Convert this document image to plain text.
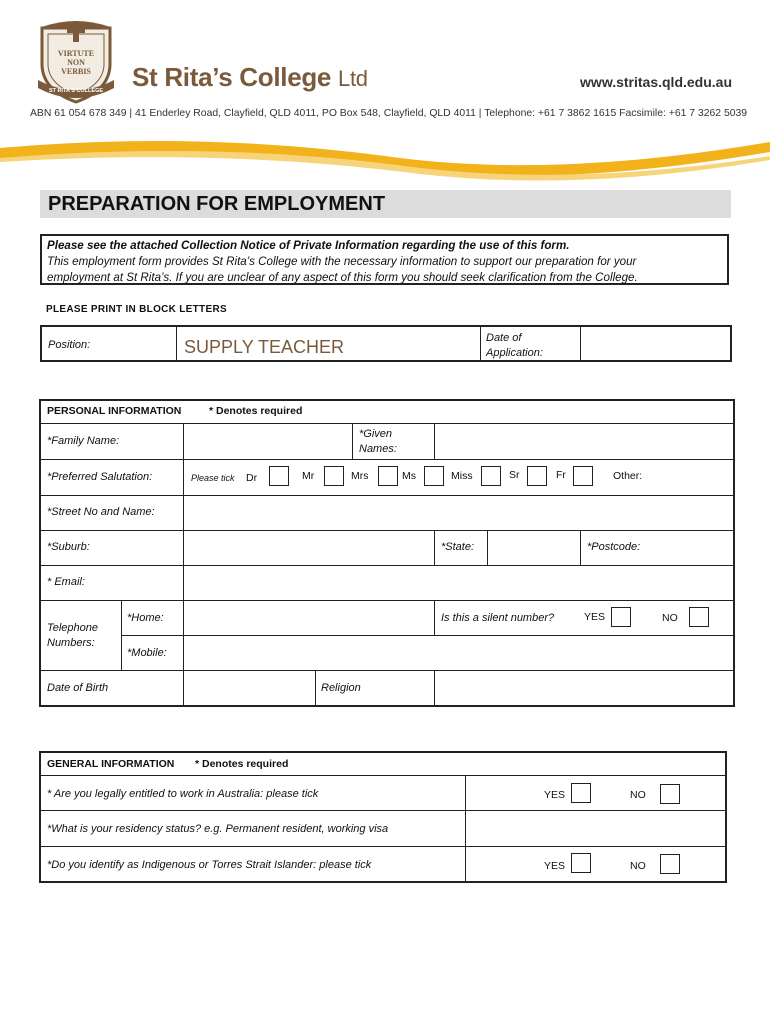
VIRTUTE
NON
VERBIS
ST RITA'S COLLEGE St Rita’s College Ltd	www.stritas.qld.edu.au
ABN 61 054 678 349 | 41 Enderley Road, Clayfield, QLD 4011, PO Box 548, Clayfield, QLD 4011 | Telephone: +61 7 3862 1615 Facsimile: +61 7 3262 5039
PREPARATION FOR EMPLOYMENT
Please see the attached Collection Notice of Private Information regarding the use of this form.
This employment form provides St Rita’s College with the necessary information to support our preparation for your
employment at St Rita’s. If you are unclear of any aspect of this form you should seek clarification from the College.
PLEASE PRINT IN BLOCK LETTERS
Position:	SUPPLY TEACHER	Date of
Application:
PERSONAL INFORMATION	* Denotes required
*Family Name:
*Given
Names:
*Preferred Salutation:	Please tick Dr	Mr	Mrs	Ms	Miss	Sr	Fr	Other:
*Street No and Name:
*Suburb:	*State:	*Postcode:
* Email:
Telephone
Numbers:
*Home:	Is this a silent number?	YES	NO
*Mobile:
Date of Birth	Religion
GENERAL INFORMATION * Denotes required
* Are you legally entitled to work in Australia: please tick	YES	NO
*What is your residency status? e.g. Permanent resident, working visa
*Do you identify as Indigenous or Torres Strait Islander: please tick	YES	NO
